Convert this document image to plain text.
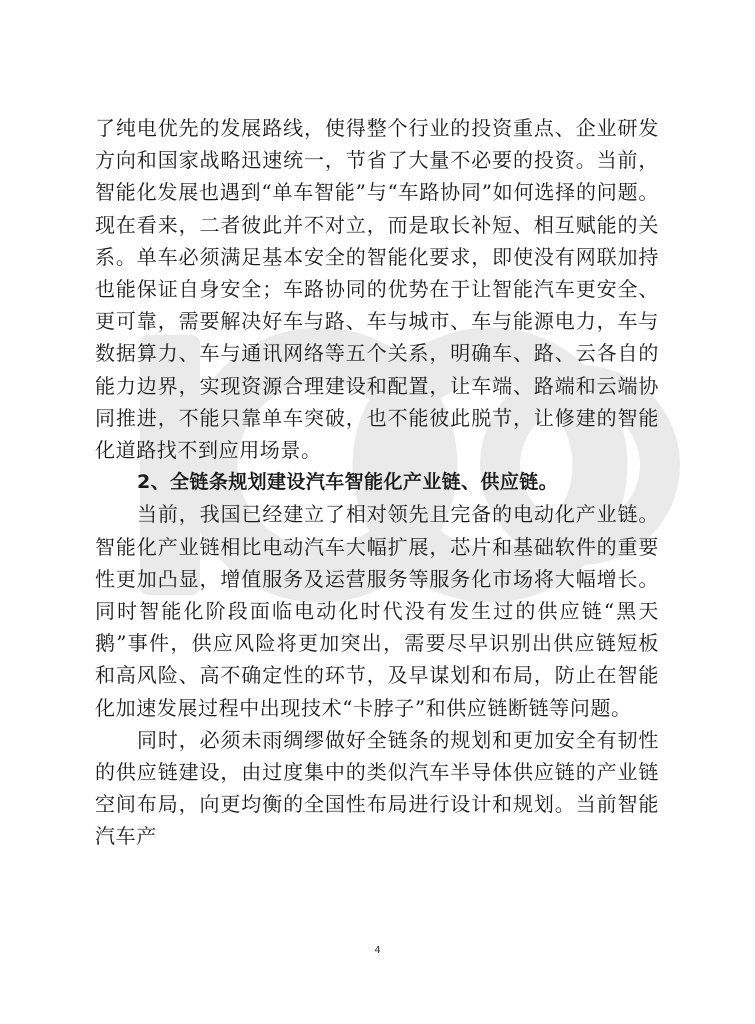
了纯电优先的发展路线，使得整个行业的投资重点、企业研发方向和国家战略迅速统一，节省了大量不必要的投资。当前，智能化发展也遇到“单车智能”与“车路协同”如何选择的问题。现在看来，二者彼此并不对立，而是取长补短、相互赋能的关系。单车必须满足基本安全的智能化要求，即使没有网联加持也能保证自身安全；车路协同的优势在于让智能汽车更安全、更可靠，需要解决好车与路、车与城市、车与能源电力，车与数据算力、车与通讯网络等五个关系，明确车、路、云各自的能力边界，实现资源合理建设和配置，让车端、路端和云端协同推进，不能只靠单车突破，也不能彼此脱节，让修建的智能化道路找不到应用场景。

2、全链条规划建设汽车智能化产业链、供应链。

当前，我国已经建立了相对领先且完备的电动化产业链。智能化产业链相比电动汽车大幅扩展，芯片和基础软件的重要性更加凸显，增值服务及运营服务等服务化市场将大幅增长。同时智能化阶段面临电动化时代没有发生过的供应链“黑天鹅”事件，供应风险将更加突出，需要尽早识别出供应链短板和高风险、高不确定性的环节，及早谋划和布局，防止在智能化加速发展过程中出现技术“卡脖子”和供应链断链等问题。

同时，必须未雨绸缪做好全链条的规划和更加安全有韧性的供应链建设，由过度集中的类似汽车半导体供应链的产业链空间布局，向更均衡的全国性布局进行设计和规划。当前智能汽车产

4
